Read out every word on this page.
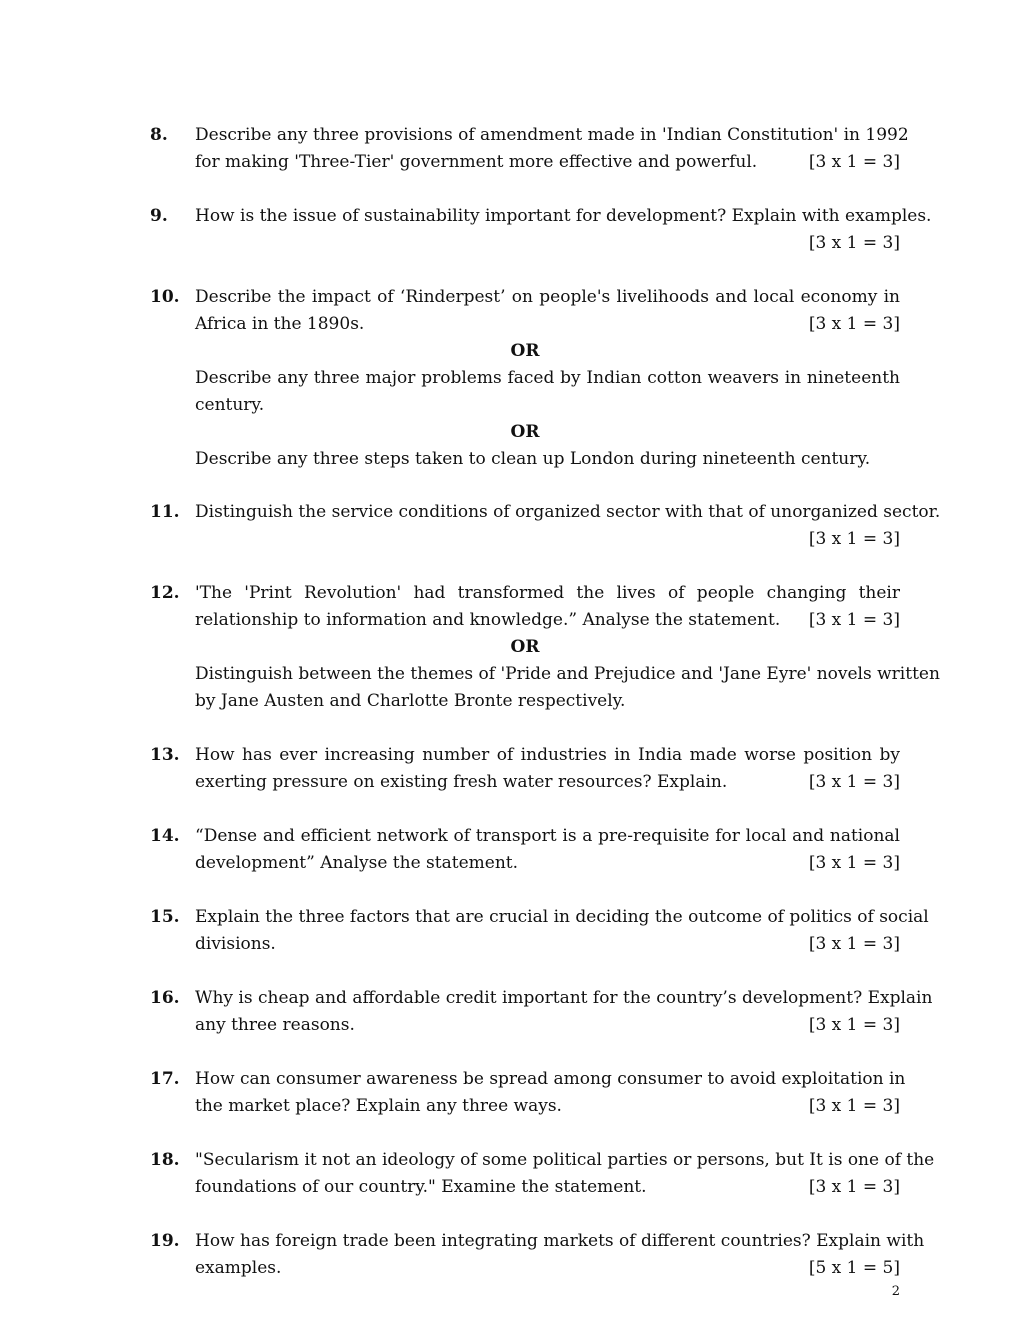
8. Describe any three provisions of amendment made in 'Indian Constitution' in 1992
for making 'Three-Tier' government more effective and powerful.	[3 x 1 = 3]
9. How is the issue of sustainability important for development? Explain with examples.
[3 x 1 = 3]
10. Describe the impact of ‘Rinderpest’ on people's livelihoods and local economy in
Africa in the 1890s.	[3 x 1 = 3]
OR
Describe any three major problems faced by Indian cotton weavers in nineteenth
century.
OR
Describe any three steps taken to clean up London during nineteenth century.
11. Distinguish the service conditions of organized sector with that of unorganized sector.
[3 x 1 = 3]
12. 'The 'Print Revolution' had transformed the lives of people changing their
relationship to information and knowledge.” Analyse the statement. [3 x 1 = 3]
OR
Distinguish between the themes of 'Pride and Prejudice and 'Jane Eyre' novels written
by Jane Austen and Charlotte Bronte respectively.
13. How has ever increasing number of industries in India made worse position by
exerting pressure on existing fresh water resources? Explain.	[3 x 1 = 3]
14. “Dense and efficient network of transport is a pre-requisite for local and national
development” Analyse the statement.	[3 x 1 = 3]
15. Explain the three factors that are crucial in deciding the outcome of politics of social
divisions.	[3 x 1 = 3]
16. Why is cheap and affordable credit important for the country’s development? Explain
any three reasons.	[3 x 1 = 3]
17. How can consumer awareness be spread among consumer to avoid exploitation in
the market place? Explain any three ways.	[3 x 1 = 3]
18. "Secularism it not an ideology of some political parties or persons, but It is one of the
foundations of our country." Examine the statement.	[3 x 1 = 3]
19. How has foreign trade been integrating markets of different countries? Explain with
examples.	[5 x 1 = 5]
2
